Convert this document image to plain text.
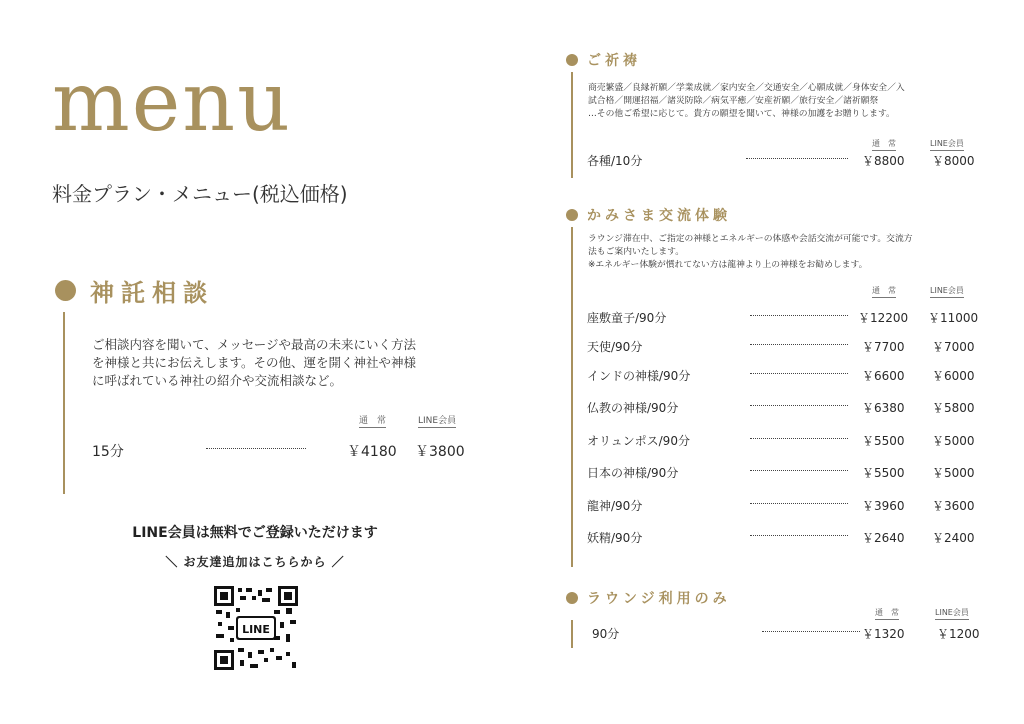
menu
料金プラン・メニュー(税込価格)
神託相談

ご相談内容を聞いて、メッセージや最高の未来にいく方法

を神様と共にお伝えします。その他、運を開く神社や神様

に呼ばれている神社の紹介や交流相談など。

通　常	LINE会員
15分	￥4180 ￥3800
LINE会員は無料でご登録いただけます
＼ お友達追加はこちらから ／
LINE
ご祈祷

商売繁盛／良縁祈願／学業成就／家内安全／交通安全／心願成就／身体安全／入

試合格／開運招福／諸災防除／病気平癒／安産祈願／旅行安全／諸祈願祭

…その他ご希望に応じて。貴方の願望を聞いて、神様の加護をお贈りします。

通　常	LINE会員
各種/10分	￥8800 ￥8000
かみさま交流体験

ラウンジ滞在中、ご指定の神様とエネルギーの体感や会話交流が可能です。交流方

法もご案内いたします。

※エネルギー体験が慣れてない方は龍神より上の神様をお勧めします。

通　常	LINE会員
座敷童子/90分	￥12200 ￥11000
天使/90分	￥7700 ￥7000
インドの神様/90分	￥6600 ￥6000
仏教の神様/90分	￥6380 ￥5800
オリュンポス/90分	￥5500 ￥5000
日本の神様/90分	￥5500 ￥5000
龍神/90分	￥3960 ￥3600
妖精/90分	￥2640 ￥2400
ラウンジ利用のみ
通　常	LINE会員
90分	￥1320	￥1200
